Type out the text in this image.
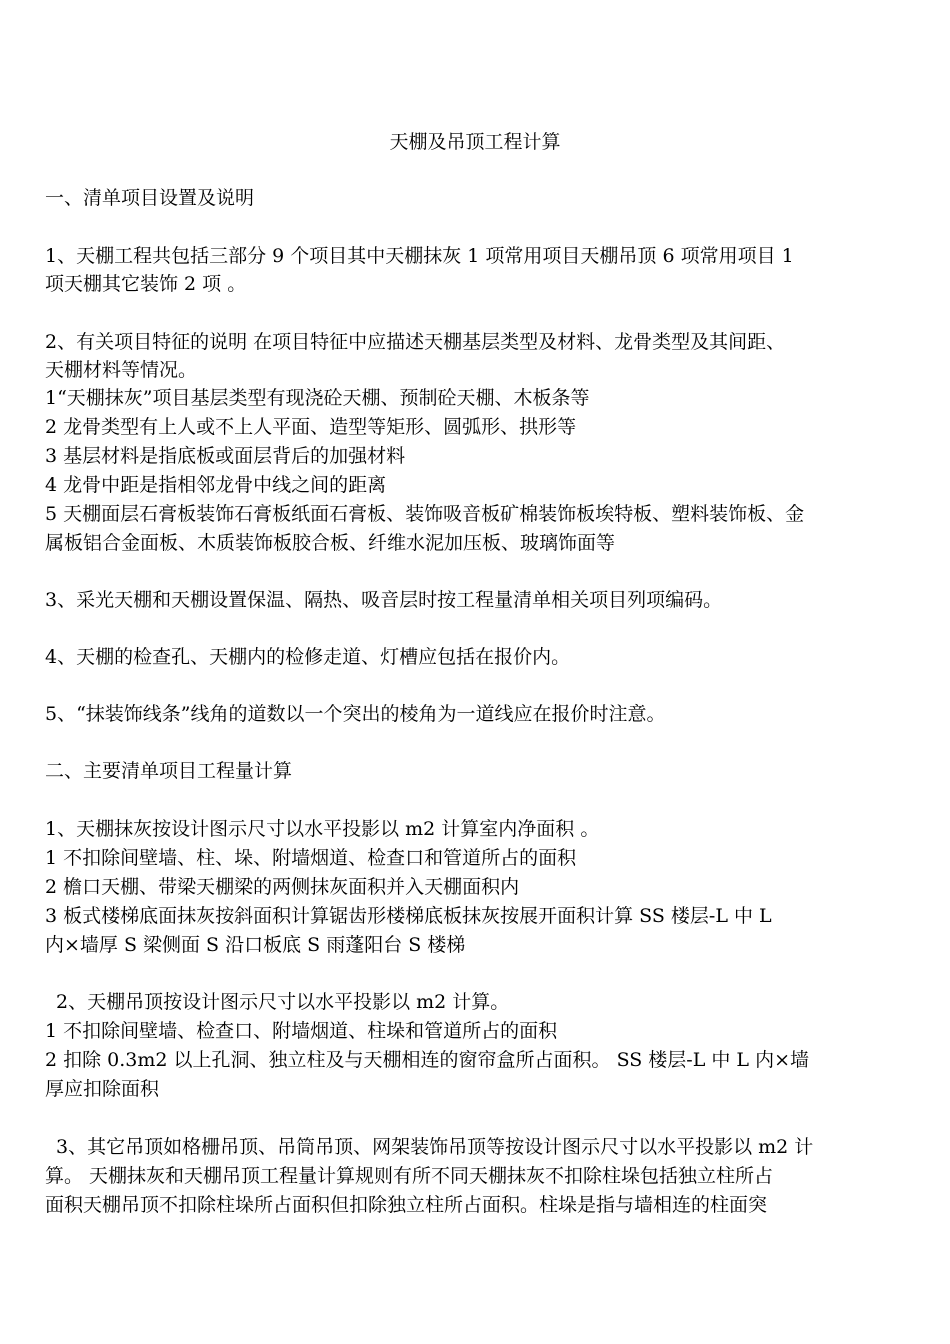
天棚及吊顶工程计算
一、清单项目设置及说明
1、天棚工程共包括三部分 9 个项目其中天棚抹灰 1 项常用项目天棚吊顶 6 项常用项目 1
项天棚其它装饰 2 项 。
2、有关项目特征的说明 在项目特征中应描述天棚基层类型及材料、龙骨类型及其间距、
天棚材料等情况。
1“天棚抹灰”项目基层类型有现浇砼天棚、预制砼天棚、木板条等
2 龙骨类型有上人或不上人平面、造型等矩形、圆弧形、拱形等
3 基层材料是指底板或面层背后的加强材料
4 龙骨中距是指相邻龙骨中线之间的距离
5 天棚面层石膏板装饰石膏板纸面石膏板、装饰吸音板矿棉装饰板埃特板、塑料装饰板、金
属板铝合金面板、木质装饰板胶合板、纤维水泥加压板、玻璃饰面等
3、采光天棚和天棚设置保温、隔热、吸音层时按工程量清单相关项目列项编码。
4、天棚的检查孔、天棚内的检修走道、灯槽应包括在报价内。
5、“抹装饰线条”线角的道数以一个突出的棱角为一道线应在报价时注意。
二、主要清单项目工程量计算
1、天棚抹灰按设计图示尺寸以水平投影以 m2 计算室内净面积 。
1 不扣除间壁墙、柱、垛、附墙烟道、检查口和管道所占的面积
2 檐口天棚、带梁天棚梁的两侧抹灰面积并入天棚面积内
3 板式楼梯底面抹灰按斜面积计算锯齿形楼梯底板抹灰按展开面积计算 SS 楼层-L 中 L
内×墙厚 S 梁侧面 S 沿口板底 S 雨蓬阳台 S 楼梯
2、天棚吊顶按设计图示尺寸以水平投影以 m2 计算。
1 不扣除间壁墙、检查口、附墙烟道、柱垛和管道所占的面积
2 扣除 0.3m2 以上孔洞、独立柱及与天棚相连的窗帘盒所占面积。 SS 楼层-L 中 L 内×墙
厚应扣除面积
3、其它吊顶如格栅吊顶、吊筒吊顶、网架装饰吊顶等按设计图示尺寸以水平投影以 m2 计
算。 天棚抹灰和天棚吊顶工程量计算规则有所不同天棚抹灰不扣除柱垛包括独立柱所占
面积天棚吊顶不扣除柱垛所占面积但扣除独立柱所占面积。柱垛是指与墙相连的柱面突
